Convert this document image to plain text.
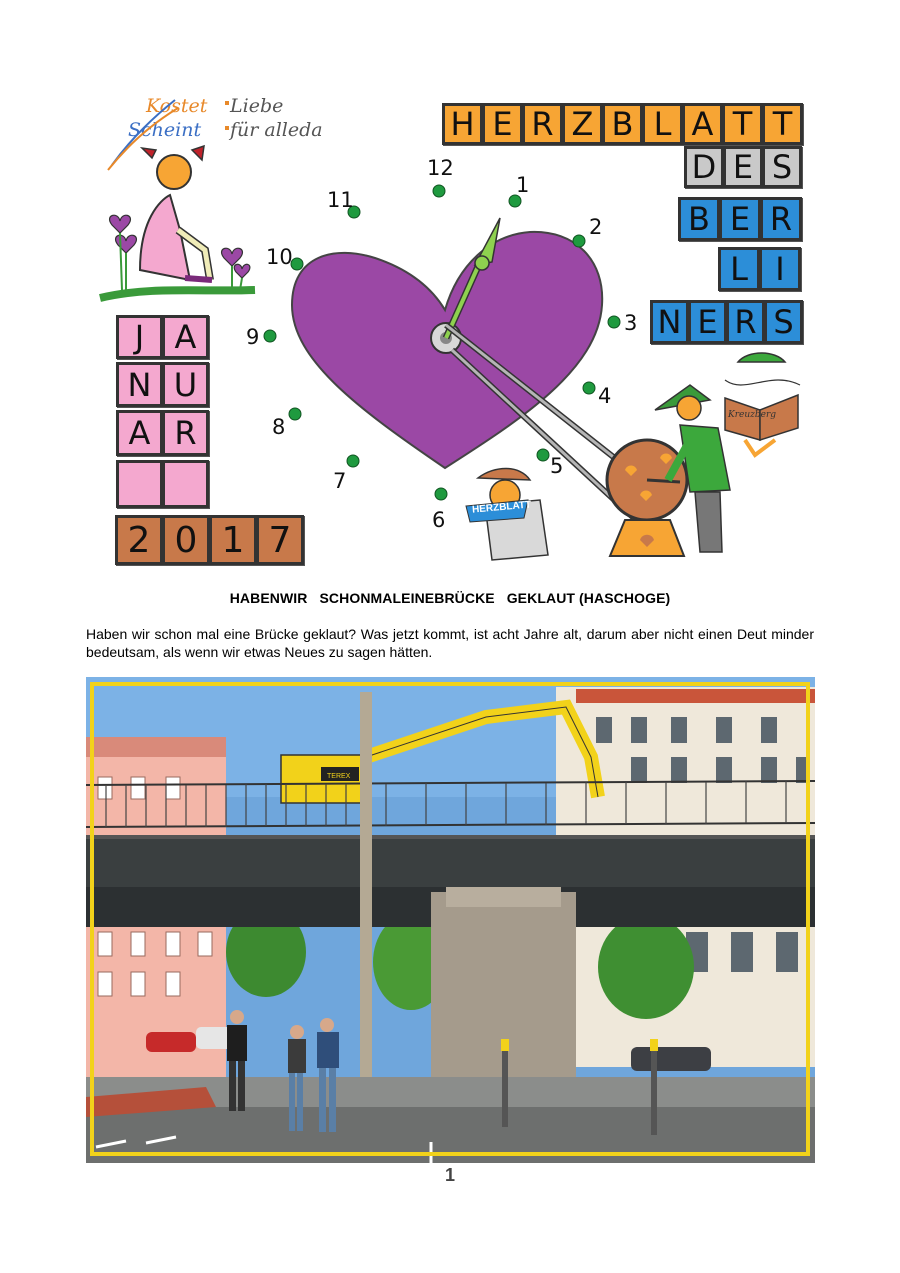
Kostet Liebe
Scheint für alleda
12
1
2
3
4
5
6
7
8
9
10
11
HERZBLATT
Kreuzberg
H E R Z B L A T T
D E S
B E R
L I
N E R S
J A
N U
A R
2 0 1 7
HABENWIR   SCHONMALEINEBRÜCKE   GEKLAUT (HASCHOGE)
Haben wir schon mal eine Brücke geklaut? Was jetzt kommt, ist acht Jahre alt, darum aber nicht einen Deut minder bedeutsam, als wenn wir etwas Neues zu sagen hätten.
TEREX
1
